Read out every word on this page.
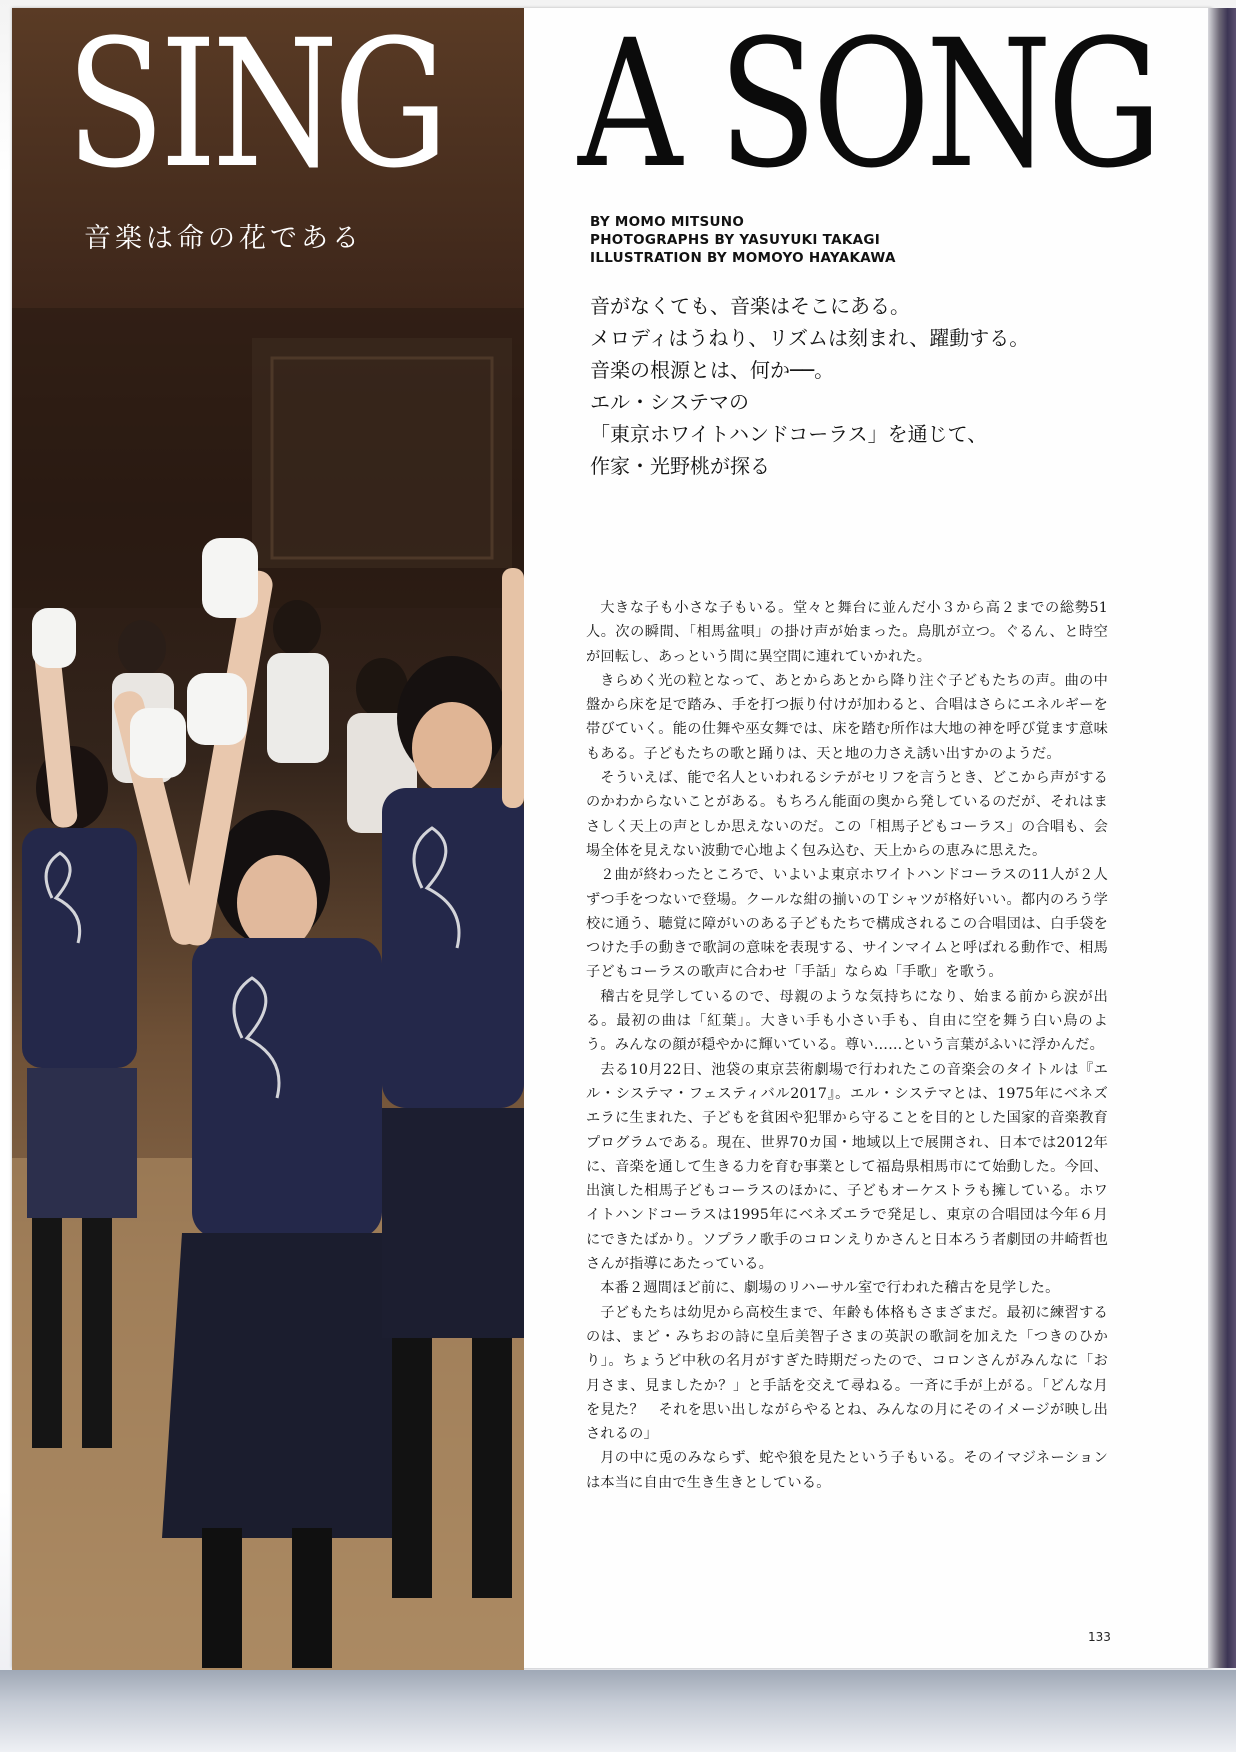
SING A SONG
音楽は命の花である
BY MOMO MITSUNO
PHOTOGRAPHS BY YASUYUKI TAKAGI
ILLUSTRATION BY MOMOYO HAYAKAWA
音がなくても、音楽はそこにある。
メロディはうねり、リズムは刻まれ、躍動する。
音楽の根源とは、何か──。
エル・システマの
「東京ホワイトハンドコーラス」を通じて、
作家・光野桃が探る

大きな子も小さな子もいる。堂々と舞台に並んだ小３から高２までの総勢51人。次の瞬間、「相馬盆唄」の掛け声が始まった。鳥肌が立つ。ぐるん、と時空が回転し、あっという間に異空間に連れていかれた。

きらめく光の粒となって、あとからあとから降り注ぐ子どもたちの声。曲の中盤から床を足で踏み、手を打つ振り付けが加わると、合唱はさらにエネルギーを帯びていく。能の仕舞や巫女舞では、床を踏む所作は大地の神を呼び覚ます意味もある。子どもたちの歌と踊りは、天と地の力さえ誘い出すかのようだ。

そういえば、能で名人といわれるシテがセリフを言うとき、どこから声がするのかわからないことがある。もちろん能面の奥から発しているのだが、それはまさしく天上の声としか思えないのだ。この「相馬子どもコーラス」の合唱も、会場全体を見えない波動で心地よく包み込む、天上からの恵みに思えた。

２曲が終わったところで、いよいよ東京ホワイトハンドコーラスの11人が２人ずつ手をつないで登場。クールな紺の揃いのＴシャツが格好いい。都内のろう学校に通う、聴覚に障がいのある子どもたちで構成されるこの合唱団は、白手袋をつけた手の動きで歌詞の意味を表現する、サインマイムと呼ばれる動作で、相馬子どもコーラスの歌声に合わせ「手話」ならぬ「手歌」を歌う。

稽古を見学しているので、母親のような気持ちになり、始まる前から涙が出る。最初の曲は「紅葉」。大きい手も小さい手も、自由に空を舞う白い鳥のよう。みんなの顔が穏やかに輝いている。尊い……という言葉がふいに浮かんだ。

去る10月22日、池袋の東京芸術劇場で行われたこの音楽会のタイトルは『エル・システマ・フェスティバル2017』。エル・システマとは、1975年にベネズエラに生まれた、子どもを貧困や犯罪から守ることを目的とした国家的音楽教育プログラムである。現在、世界70カ国・地域以上で展開され、日本では2012年に、音楽を通して生きる力を育む事業として福島県相馬市にて始動した。今回、出演した相馬子どもコーラスのほかに、子どもオーケストラも擁している。ホワイトハンドコーラスは1995年にベネズエラで発足し、東京の合唱団は今年６月にできたばかり。ソプラノ歌手のコロンえりかさんと日本ろう者劇団の井崎哲也さんが指導にあたっている。

本番２週間ほど前に、劇場のリハーサル室で行われた稽古を見学した。

子どもたちは幼児から高校生まで、年齢も体格もさまざまだ。最初に練習するのは、まど・みちおの詩に皇后美智子さまの英訳の歌詞を加えた「つきのひかり」。ちょうど中秋の名月がすぎた時期だったので、コロンさんがみんなに「お月さま、見ましたか？」と手話を交えて尋ねる。一斉に手が上がる。「どんな月を見た？　それを思い出しながらやるとね、みんなの月にそのイメージが映し出されるの」

月の中に兎のみならず、蛇や狼を見たという子もいる。そのイマジネーションは本当に自由で生き生きとしている。

133
